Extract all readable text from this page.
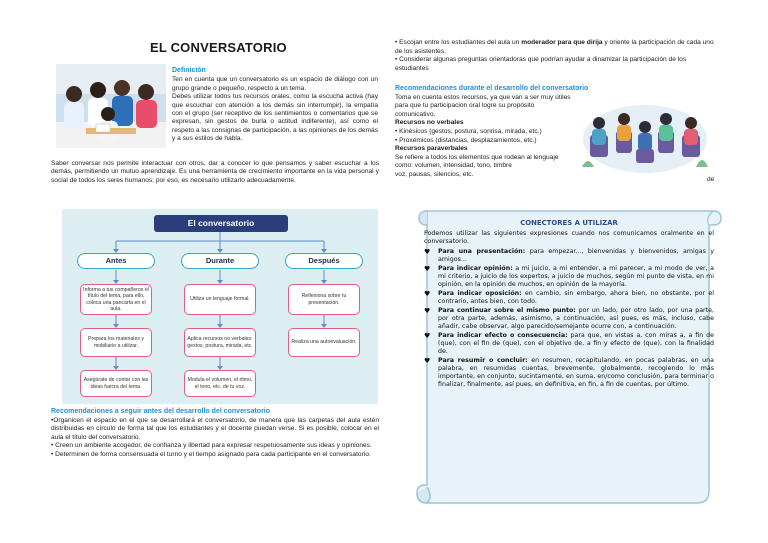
EL CONVERSATORIO
Definición
Ten en cuenta que un conversatorio es un espacio de diálogo con un grupo grande o pequeño, respecto a un tema.
Debes utilizar todos tus recursos orales, como la escucha activa (hay que escuchar con atención a los demás sin interrumpir), la empatía con el grupo (ser receptivo de los sentimientos o comentarios que se expresan, sin gestos de burla o actitud indiferente), así como el respeto a las consignas de participación, a las opiniones de los demás y a sus estilos de habla.
Saber conversar nos permite interactuar con otros, dar a conocer lo que pensamos y saber escuchar a los demás, permitiendo un mutuo aprendizaje. Es una herramienta de crecimiento importante en la vida personal y social de todos los seres humanos; por eso, es necesario utilizarlo adecuadamente.
El conversatorio
Antes	Durante	Después
Informa a tus compañeros el título del tema, para ello, coloca una pancarta en el aula.
Prepara los materiales y mobiliario a utilizar.
Asegúrate de contar con las ideas fuerza del tema.
Utiliza un lenguaje formal.
Aplica recursos no verbales: gestos, postura, mirada, etc.
Modula el volumen, el ritmo, el tono, etc. de tu voz.
Reflexiona sobre tu presentación.
Realiza una autoevaluación.
Recomendaciones a seguir antes del desarrollo del conversatorio
•Organicen el espacio en el que se desarrollará el conversatorio, de manera que las carpetas del aula estén distribuidas en círculo de forma tal que los estudiantes y el docente puedan verse. Si es posible, colocar en el aula el título del conversatorio.
• Creen un ambiente acogedor, de confianza y libertad para expresar respetuosamente sus ideas y opiniones.
• Determinen de forma consensuada el turno y el tiempo asignado para cada participante en el conversatorio.
• Escojan entre los estudiantes del aula un moderador para que dirija y oriente la participación de cada uno de los asistentes.
• Considerar algunas preguntas orientadoras que podrían ayudar a dinamizar la participación de los estudiantes
Recomendaciones durante el desarrollo del conversatorio
Toma en cuenta estos recursos, ya que van a ser muy útiles para que tu participación oral logre su propósito comunicativo.
Recursos no verbales
• Kinésicos (gestos, postura, sonrisa, mirada, etc.)
• Proxémicos (distancias, desplazamientos, etc.)
Recursos paraverbales
Se refiere a todos los elementos que rodean al lenguaje como: volumen, intensidad, tono, timbre
voz, pausas, silencios, etc.
de
CONECTORES A UTILIZAR
Podemos utilizar las siguientes expresiones cuando nos comunicamos oralmente en el conversatorio.
♥ Para una presentación: para empezar..., bienvenidas y bienvenidos, amigas y amigos...
♥ Para indicar opinión: a mi juicio, a mi entender, a mi parecer, a mi modo de ver, a mi criterio, a juicio de los expertos, a juicio de muchos, según mi punto de vista, en mi opinión, en la opinión de muchos, en opinión de la mayoría.
♥ Para indicar oposición: en cambio, sin embargo, ahora bien, no obstante, por el contrario, antes bien, con todo.
♥ Para continuar sobre el mismo punto: por un lado, por otro lado, por una parte, por otra parte, además, asimismo, a continuación, así pues, es más, incluso, cabe añadir, cabe observar, algo parecido/semejante ocurre con, a continuación.
♥ Para indicar efecto o consecuencia: para que, en vistas a, con miras a, a fin de (que), con el fin de (que), con el objetivo de, a fin y efecto de (que), con la finalidad de.
♥ Para resumir o concluir: en resumen, recapitulando, en pocas palabras, en una palabra, en resumidas cuentas, brevemente, globalmente, recogiendo lo más importante, en conjunto, sucintamente, en suma, en/como conclusión, para terminar o finalizar, finalmente, así pues, en definitiva, en fin, a fin de cuentas, por último.
